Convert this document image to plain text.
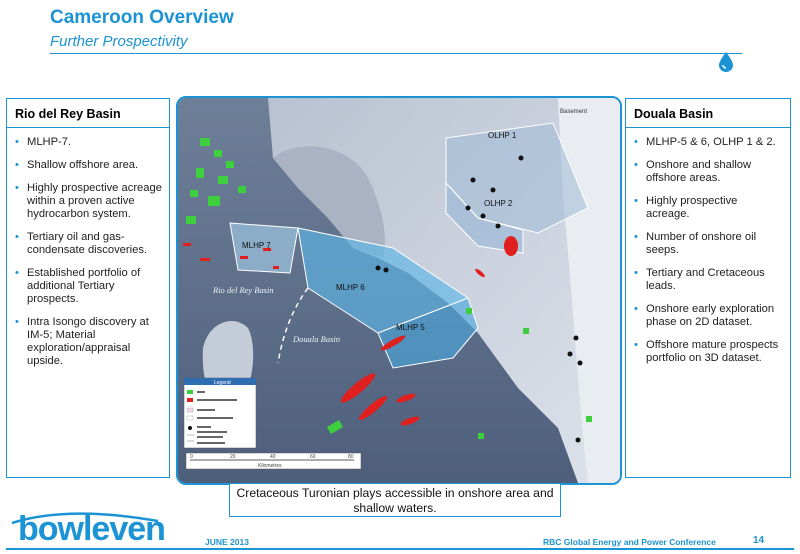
Cameroon Overview
Further Prospectivity
Rio del Rey Basin
• MLHP-7.
• Shallow offshore area.
• Highly prospective acreage within a proven active hydrocarbon system.
• Tertiary oil and gas-condensate discoveries.
• Established portfolio of additional Tertiary prospects.
• Intra Isongo discovery at IM-5; Material exploration/appraisal upside.
Douala Basin
• MLHP-5 & 6, OLHP 1 & 2.
• Onshore and shallow offshore areas.
• Highly prospective acreage.
• Number of onshore oil seeps.
• Tertiary and Cretaceous leads.
• Onshore early exploration phase on 2D dataset.
• Offshore mature prospects portfolio on 3D dataset.
Basement
OLHP 1
OLHP 2
MLHP 7
MLHP 6
MLHP 5
Rio del Rey Basin
Douala Basin
Legend
0	20	40	60	80
Kilometres
Cretaceous Turonian plays accessible in onshore area and shallow waters.
bowleven	JUNE 2013	RBC Global Energy and Power Conference	14
